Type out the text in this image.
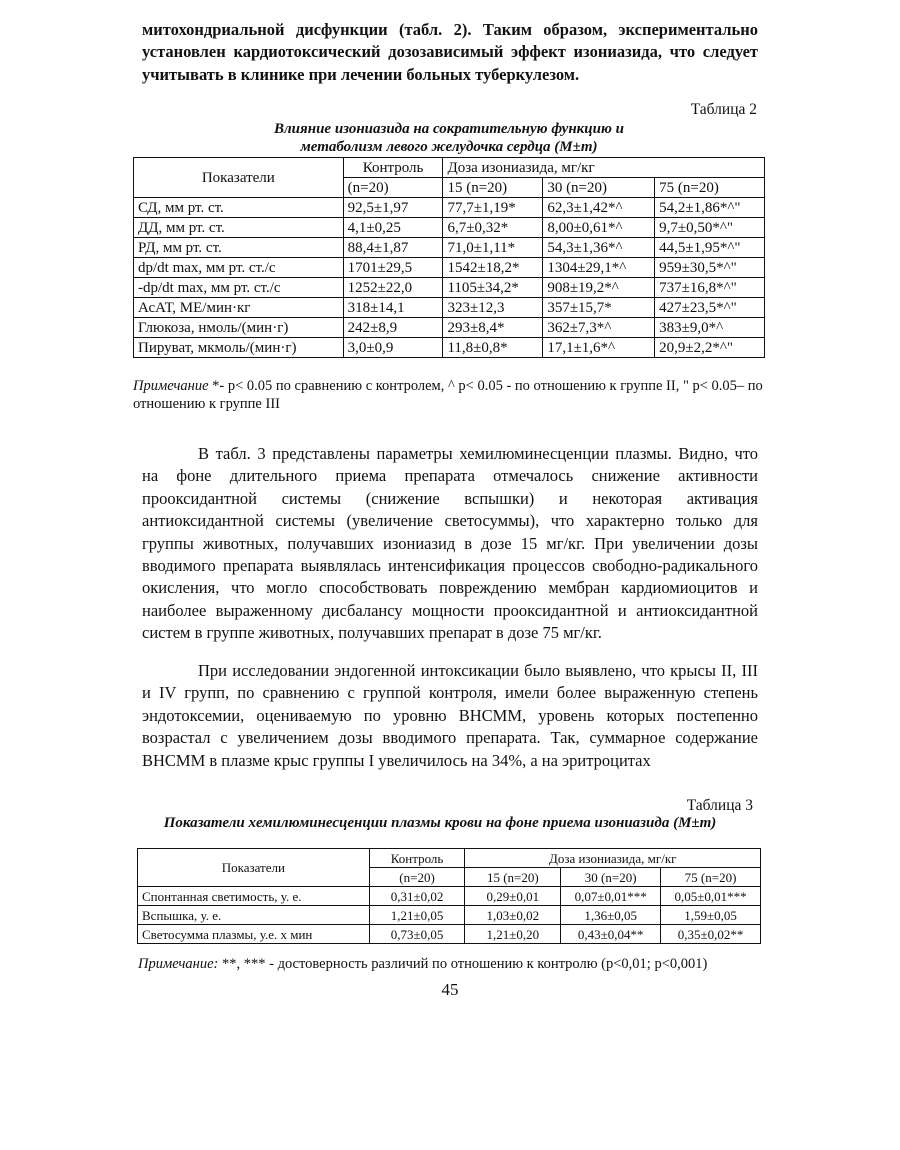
митохондриальной дисфункции (табл. 2). Таким образом, экспериментально установлен кардиотоксический дозозависимый эффект изониазида, что следует учитывать в клинике при лечении больных туберкулезом.

Таблица 2

Влияние изониазида на сократительную функцию и

метаболизм левого желудочка сердца (M±m)

Показатели	Контроль	Доза изониазида, мг/кг		
	(n=20)	15 (n=20)	30 (n=20)	75 (n=20)
СД, мм рт. ст.	92,5±1,97	77,7±1,19*	62,3±1,42*^	54,2±1,86*^"
ДД, мм рт. ст.	4,1±0,25	6,7±0,32*	8,00±0,61*^	9,7±0,50*^"
РД, мм рт. ст.	88,4±1,87	71,0±1,11*	54,3±1,36*^	44,5±1,95*^"
dp/dt max, мм рт. ст./с	1701±29,5	1542±18,2*	1304±29,1*^	959±30,5*^"
-dp/dt max, мм рт. ст./с	1252±22,0	1105±34,2*	908±19,2*^	737±16,8*^"
АсАТ, МЕ/мин·кг	318±14,1	323±12,3	357±15,7*	427±23,5*^"
Глюкоза, нмоль/(мин·г)	242±8,9	293±8,4*	362±7,3*^	383±9,0*^
Пируват, мкмоль/(мин·г)	3,0±0,9	11,8±0,8*	17,1±1,6*^	20,9±2,2*^"

Примечание *- р< 0.05 по сравнению с контролем, ^ р< 0.05 - по отношению к группе II, " р< 0.05– по отношению к группе III

В табл. 3 представлены параметры хемилюминесценции плазмы. Видно, что на фоне длительного приема препарата отмечалось снижение активности прооксидантной системы (снижение вспышки) и некоторая активация антиоксидантной системы (увеличение светосуммы), что характерно только для группы животных, получавших изониазид в дозе 15 мг/кг. При увеличении дозы вводимого препарата выявлялась интенсификация процессов свободно-радикального окисления, что могло способствовать повреждению мембран кардиомиоцитов и наиболее выраженному дисбалансу мощности прооксидантной и антиоксидантной систем в группе животных, получавших препарат в дозе 75 мг/кг.

При исследовании эндогенной интоксикации было выявлено, что крысы II, III и IV групп, по сравнению с группой контроля, имели более выраженную степень эндотоксемии, оцениваемую по уровню ВНСММ, уровень которых постепенно возрастал с увеличением дозы вводимого препарата. Так, суммарное содержание ВНСММ в плазме крыс группы I увеличилось на 34%, а на эритроцитах

Таблица 3

Показатели хемилюминесценции плазмы крови на фоне приема изониазида (M±m)

Показатели	Контроль	Доза изониазида, мг/кг		
	(n=20)	15 (n=20)	30 (n=20)	75 (n=20)
Спонтанная светимость, у. е.	0,31±0,02	0,29±0,01	0,07±0,01***	0,05±0,01***
Вспышка, у. е.	1,21±0,05	1,03±0,02	1,36±0,05	1,59±0,05
Светосумма плазмы, у.е. х мин	0,73±0,05	1,21±0,20	0,43±0,04**	0,35±0,02**

Примечание: **, *** - достоверность различий по отношению к контролю (р<0,01; р<0,001)

45
